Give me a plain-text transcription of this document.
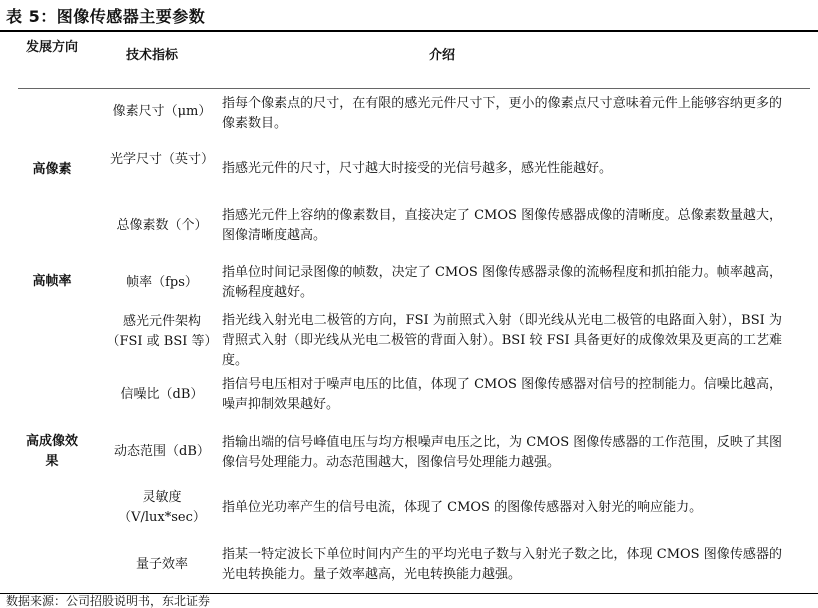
表 5：图像传感器主要参数
发展方向
技术指标	介绍
高像素
高帧率
高成像效果
像素尺寸（μm）
指每个像素点的尺寸，在有限的感光元件尺寸下，更小的像素点尺寸意味着元件上能够容纳更多的像素数目。
光学尺寸（英寸）
指感光元件的尺寸，尺寸越大时接受的光信号越多，感光性能越好。
总像素数（个）
指感光元件上容纳的像素数目，直接决定了 CMOS 图像传感器成像的清晰度。总像素数量越大，图像清晰度越高。
帧率（fps）
指单位时间记录图像的帧数，决定了 CMOS 图像传感器录像的流畅程度和抓拍能力。帧率越高，流畅程度越好。
感光元件架构（FSI 或 BSI 等）
指光线入射光电二极管的方向，FSI 为前照式入射（即光线从光电二极管的电路面入射），BSI 为背照式入射（即光线从光电二极管的背面入射）。BSI 较 FSI 具备更好的成像效果及更高的工艺难度。
信噪比（dB）
指信号电压相对于噪声电压的比值，体现了 CMOS 图像传感器对信号的控制能力。信噪比越高，噪声抑制效果越好。
动态范围（dB）
指输出端的信号峰值电压与均方根噪声电压之比，为 CMOS 图像传感器的工作范围，反映了其图像信号处理能力。动态范围越大，图像信号处理能力越强。
灵敏度（V/lux*sec）
指单位光功率产生的信号电流，体现了 CMOS 的图像传感器对入射光的响应能力。
量子效率
指某一特定波长下单位时间内产生的平均光电子数与入射光子数之比，体现 CMOS 图像传感器的光电转换能力。量子效率越高，光电转换能力越强。
数据来源：公司招股说明书，东北证券
